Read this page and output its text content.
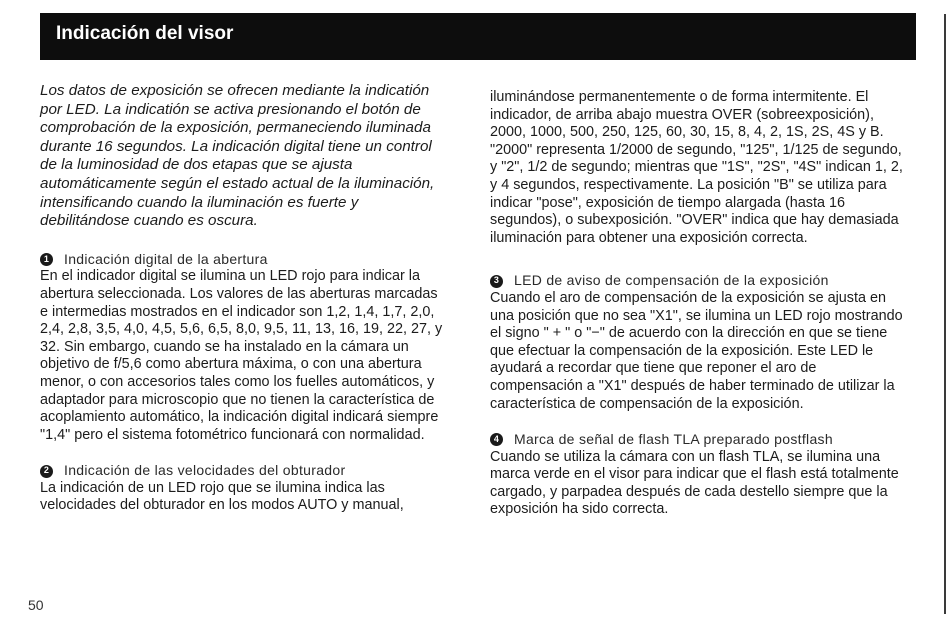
Indicación del visor

Los datos de exposición se ofrecen mediante la indicatión por LED. La indicatión se activa presionando el botón de comprobación de la exposición, permaneciendo iluminada durante 16 segundos. La indicación digital tiene un control de la luminosidad de dos etapas que se ajusta automáticamente según el estado actual de la iluminación, intensificando cuando la iluminación es fuerte y debilitándose cuando es oscura.

1 Indicación digital de la abertura

En el indicador digital se ilumina un LED rojo para indicar la abertura seleccionada. Los valores de las aberturas marcadas e intermedias mostrados en el indicador son 1,2, 1,4, 1,7, 2,0, 2,4, 2,8, 3,5, 4,0, 4,5, 5,6, 6,5, 8,0, 9,5, 11, 13, 16, 19, 22, 27, y 32. Sin embargo, cuando se ha instalado en la cámara un objetivo de f/5,6 como abertura máxima, o con una abertura menor, o con accesorios tales como los fuelles automáticos, y adaptador para microscopio que no tienen la característica de acoplamiento automático, la indicación digital indicará siempre "1,4" pero el sistema fotométrico funcionará con normalidad.

2 Indicación de las velocidades del obturador

La indicación de un LED rojo que se ilumina indica las velocidades del obturador en los modos AUTO y manual,

iluminándose permanentemente o de forma intermitente. El indicador, de arriba abajo muestra OVER (sobreexposición), 2000, 1000, 500, 250, 125, 60, 30, 15, 8, 4, 2, 1S, 2S, 4S y B. "2000" representa 1/2000 de segundo, "125", 1/125 de segundo, y "2", 1/2 de segundo; mientras que "1S", "2S", "4S" indican 1, 2, y 4 segundos, respectivamente. La posición "B" se utiliza para indicar "pose", exposición de tiempo alargada (hasta 16 segundos), o subexposición. "OVER" indica que hay demasiada iluminación para obtener una exposición correcta.

3 LED de aviso de compensación de la exposición

Cuando el aro de compensación de la exposición se ajusta en una posición que no sea "X1", se ilumina un LED rojo mostrando el signo " + " o "−" de acuerdo con la dirección en que se tiene que efectuar la compensación de la exposición. Este LED le ayudará a recordar que tiene que reponer el aro de compensación a "X1" después de haber terminado de utilizar la característica de compensación de la exposición.

4 Marca de señal de flash TLA preparado postflash

Cuando se utiliza la cámara con un flash TLA, se ilumina una marca verde en el visor para indicar que el flash está totalmente cargado, y parpadea después de cada destello siempre que la exposición ha sido correcta.

50
